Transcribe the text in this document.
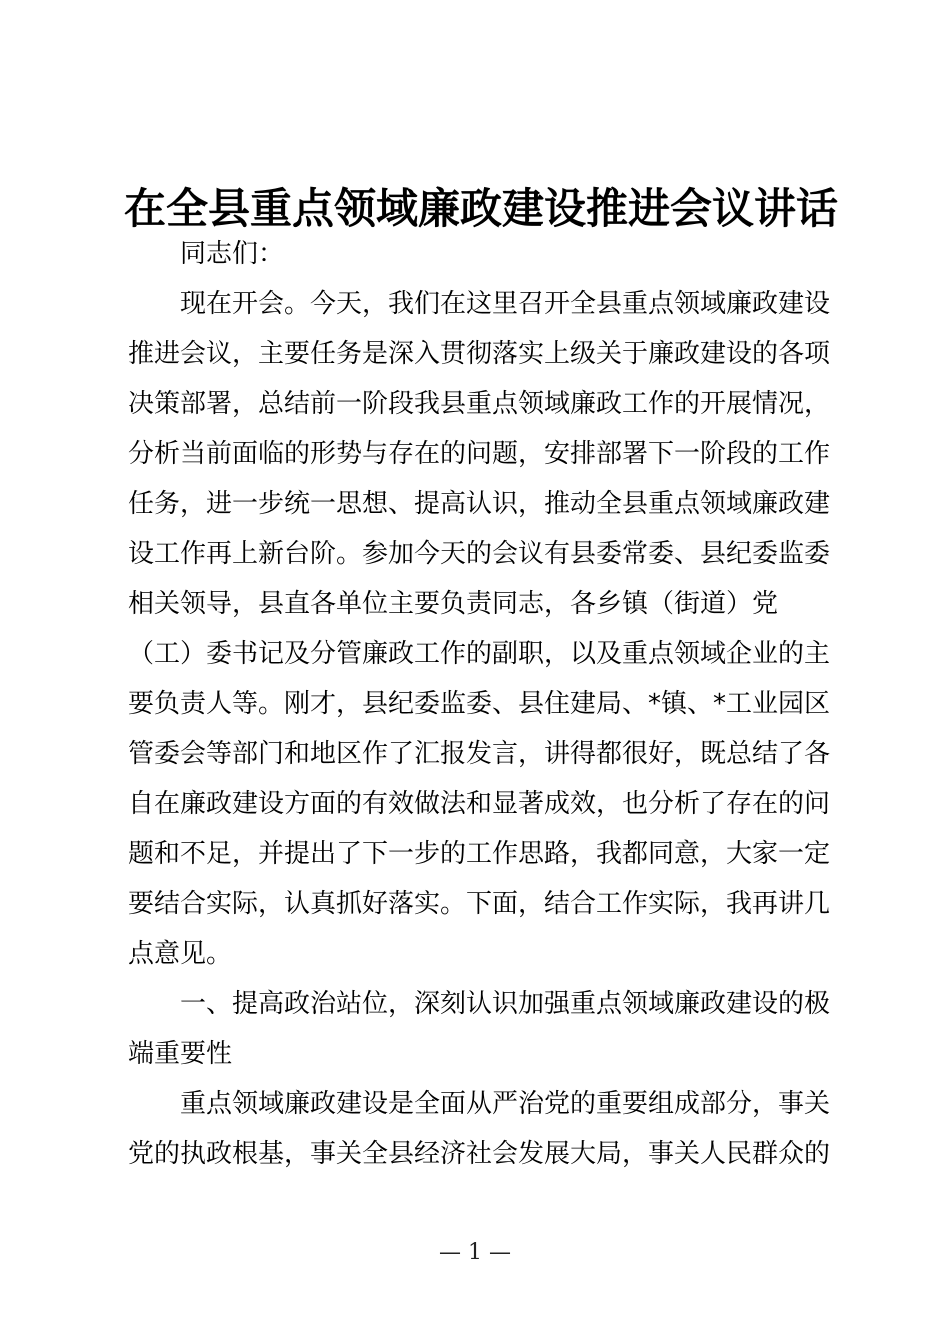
在全县重点领域廉政建设推进会议讲话
同志们：
现在开会。今天，我们在这里召开全县重点领域廉政建设
推进会议，主要任务是深入贯彻落实上级关于廉政建设的各项
决策部署，总结前一阶段我县重点领域廉政工作的开展情况，
分析当前面临的形势与存在的问题，安排部署下一阶段的工作
任务，进一步统一思想、提高认识，推动全县重点领域廉政建
设工作再上新台阶。参加今天的会议有县委常委、县纪委监委
相关领导，县直各单位主要负责同志，各乡镇（街道）党
（工）委书记及分管廉政工作的副职，以及重点领域企业的主
要负责人等。刚才，县纪委监委、县住建局、*镇、*工业园区
管委会等部门和地区作了汇报发言，讲得都很好，既总结了各
自在廉政建设方面的有效做法和显著成效，也分析了存在的问
题和不足，并提出了下一步的工作思路，我都同意，大家一定
要结合实际，认真抓好落实。下面，结合工作实际，我再讲几
点意见。
一、提高政治站位，深刻认识加强重点领域廉政建设的极
端重要性
重点领域廉政建设是全面从严治党的重要组成部分，事关
党的执政根基，事关全县经济社会发展大局，事关人民群众的
— 1 —
